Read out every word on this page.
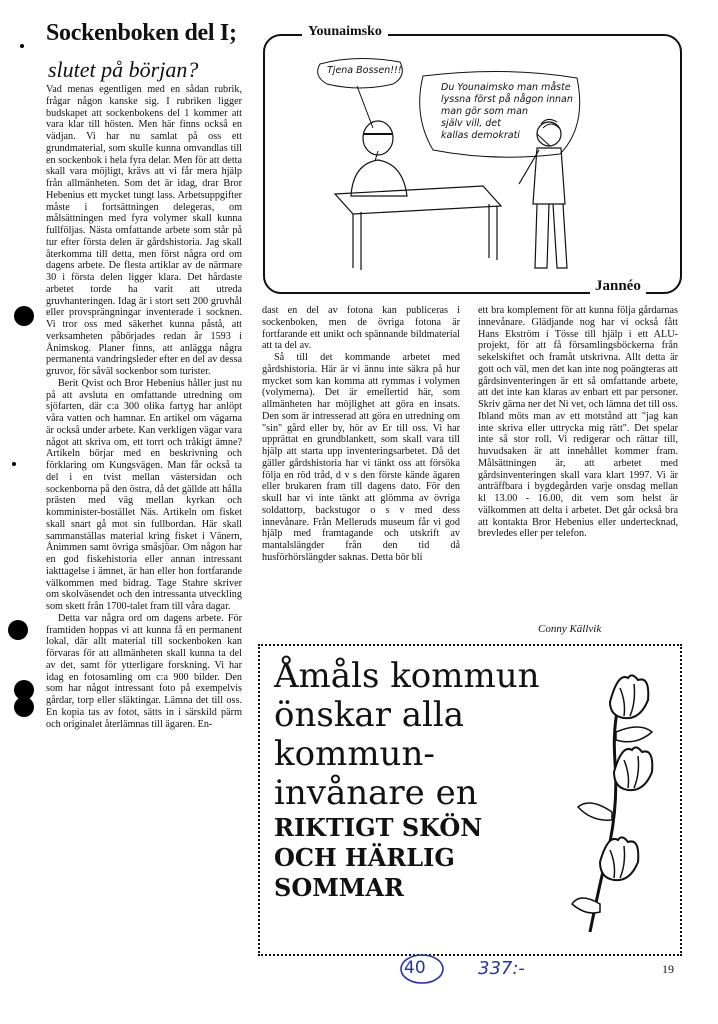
Sockenboken del I;
slutet på början?

Vad menas egentligen med en sådan rubrik, frågar någon kanske sig. I rubriken ligger budskapet att sockenbokens del 1 kommer att vara klar till hösten. Men här finns också en vädjan. Vi har nu samlat på oss ett grundmaterial, som skulle kunna omvandlas till en sockenbok i hela fyra delar. Men för att detta skall vara möjligt, krävs att vi får mera hjälp från allmänheten. Som det är idag, drar Bror Hebenius ett mycket tungt lass. Arbetsuppgifter måste i fortsättningen delegeras, om målsättningen med fyra volymer skall kunna fullföljas. Nästa omfattande arbete som står på tur efter första delen är gårdshistoria. Jag skall återkomma till detta, men först några ord om dagens arbete. De flesta artiklar av de närmare 30 i första delen ligger klara. Det hårdaste arbetet torde ha varit att utreda gruvhanteringen. Idag är i stort sett 200 gruvhål eller provsprängningar inventerade i socknen. Vi tror oss med säkerhet kunna påstå, att verksamheten påbörjades redan år 1593 i Ånimskog. Planer finns, att anlägga några permanenta vandringsleder efter en del av dessa gruvor, för såväl sockenbor som turister.

Berit Qvist och Bror Hebenius håller just nu på att avsluta en omfattande utredning om sjöfarten, där c:a 300 olika fartyg har anlöpt våra vatten och hamnar. En artikel om vägarna är också under arbete. Kan verkligen vägar vara något att skriva om, ett torrt och tråkigt ämne? Artikeln börjar med en beskrivning och förklaring om Kungsvägen. Man får också ta del i en tvist mellan västersidan och sockenborna på den östra, då det gällde att hålla prästen med väg mellan kyrkan och komminister-bostället Näs. Artikeln om fisket skall snart gå mot sin fullbordan. Här skall sammanställas material kring fisket i Vänern, Ånimmen samt övriga småsjöar. Om någon har en god fiskehistoria eller annan intressant iakttagelse i ämnet, är han eller hon fortfarande välkommen med bidrag. Tage Stahre skriver om skolväsendet och den intressanta utveckling som skett från 1700-talet fram till våra dagar.

Detta var några ord om dagens arbete. För framtiden hoppas vi att kunna få en permanent lokal, där allt material till sockenboken kan förvaras för att allmänheten skall kunna ta del av det, samt för ytterligare forskning. Vi har idag en fotosamling om c:a 900 bilder. Den som har något intressant foto på exempelvis gårdar, torp eller släktingar. Lämna det till oss. En kopia tas av fotot, sätts in i särskild pärm och originalet återlämnas till ägaren. En-

Tjena Bossen!!!
Du Younaimsko man måste
lyssna först på någon innan
man gör som man
själv vill, det
kallas demokrati
Younaimsko
Jannéo

dast en del av fotona kan publiceras i sockenboken, men de övriga fotona är fortfarande ett unikt och spännande bildmaterial att ta del av.

Så till det kommande arbetet med gårdshistoria. Här är vi ännu inte säkra på hur mycket som kan komma att rymmas i volymen (volymerna). Det är emellertid här, som allmänheten har möjlighet att göra en insats. Den som är intresserad att göra en utredning om "sin" gård eller by, hör av Er till oss. Vi har upprättat en grundblankett, som skall vara till hjälp att starta upp inventeringsarbetet. Då det gäller gårdshistoria har vi tänkt oss att försöka följa en röd tråd, d v s den förste kände ägaren eller brukaren fram till dagens dato. För den skull har vi inte tänkt att glömma av övriga soldattorp, backstugor o s v med dess innevånare. Från Melleruds museum får vi god hjälp med framtagande och utskrift av mantalslängder från den tid då husförhörslängder saknas. Detta bör bli

ett bra komplement för att kunna följa gårdarnas innevånare. Glädjande nog har vi också fått Hans Ekström i Tösse till hjälp i ett ALU-projekt, för att få församlingsböckerna från sekelskiftet och framåt utskrivna. Allt detta är gott och väl, men det kan inte nog poängteras att gårdsinventeringen är ett så omfattande arbete, att det inte kan klaras av enbart ett par personer. Skriv gärna ner det Ni vet, och lämna det till oss. Ibland möts man av ett motstånd att "jag kan inte skriva eller uttrycka mig rätt". Det spelar inte så stor roll. Vi redigerar och rättar till, huvudsaken är att innehållet kommer fram. Målsättningen är, att arbetet med gårdsinventeringen skall vara klart 1997. Vi är anträffbara i bygdegården varje onsdag mellan kl 13.00 - 16.00, dit vem som helst är välkommen att delta i arbetet. Det går också bra att kontakta Bror Hebenius eller undertecknad, brevledes eller per telefon.

Conny Källvik
Åmåls kommun
önskar alla
kommun-
invånare en
RIKTIGT SKÖN
OCH HÄRLIG
SOMMAR
40	337:-	19
